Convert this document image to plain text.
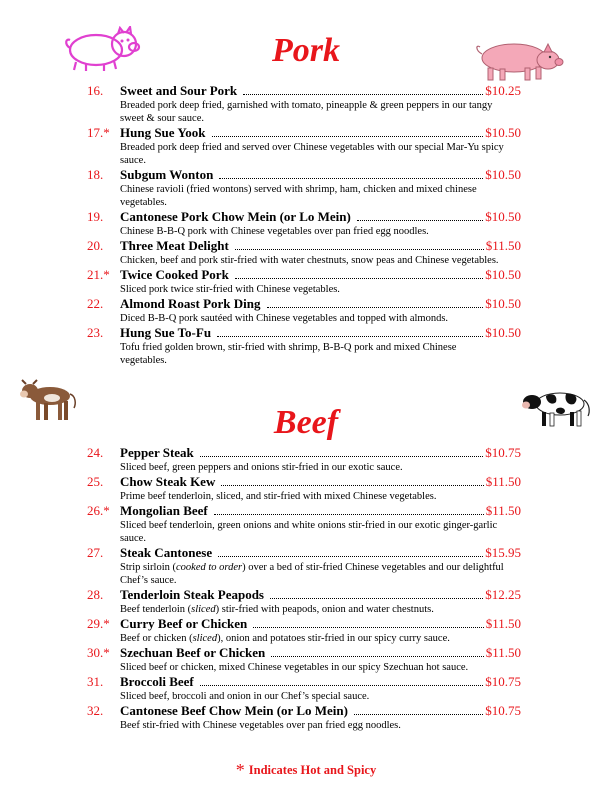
Pork
16.	Sweet and Sour Pork	$10.25
Breaded pork deep fried, garnished with tomato, pineapple & green peppers in our tangy sweet & sour sauce.
17.* Hung Sue Yook	$10.50
Breaded pork deep fried and served over Chinese vegetables with our special Mar-Yu spicy sauce.
18.	Subgum Wonton	$10.50
Chinese ravioli (fried wontons) served with shrimp, ham, chicken and mixed chinese vegetables.
19.	Cantonese Pork Chow Mein (or Lo Mein)	$10.50
Chinese B-B-Q pork with Chinese vegetables over pan fried egg noodles.
20.	Three Meat Delight	$11.50
Chicken, beef and pork stir-fried with water chestnuts, snow peas and Chinese vegetables.
21.* Twice Cooked Pork	$10.50
Sliced pork twice stir-fried with Chinese vegetables.
22.	Almond Roast Pork Ding	$10.50
Diced B-B-Q pork sautéed with Chinese vegetables and topped with almonds.
23.	Hung Sue To-Fu	$10.50
Tofu fried golden brown, stir-fried with shrimp, B-B-Q pork and mixed Chinese vegetables.
Beef
24.	Pepper Steak	$10.75
Sliced beef, green peppers and onions stir-fried in our exotic sauce.
25.	Chow Steak Kew	$11.50
Prime beef tenderloin, sliced, and stir-fried with mixed Chinese vegetables.
26.* Mongolian Beef	$11.50
Sliced beef tenderloin, green onions and white onions stir-fried in our exotic ginger-garlic sauce.
27.	Steak Cantonese	$15.95
Strip sirloin (cooked to order) over a bed of stir-fried Chinese vegetables and our delightful Chef’s sauce.
28.	Tenderloin Steak Peapods	$12.25
Beef tenderloin (sliced) stir-fried with peapods, onion and water chestnuts.
29.* Curry Beef or Chicken	$11.50
Beef or chicken (sliced), onion and potatoes stir-fried in our spicy curry sauce.
30.* Szechuan Beef or Chicken	$11.50
Sliced beef or chicken, mixed Chinese vegetables in our spicy Szechuan hot sauce.
31.	Broccoli Beef	$10.75
Sliced beef, broccoli and onion in our Chef’s special sauce.
32.	Cantonese Beef Chow Mein (or Lo Mein)	$10.75
Beef stir-fried with Chinese vegetables over pan fried egg noodles.
* Indicates Hot and Spicy
